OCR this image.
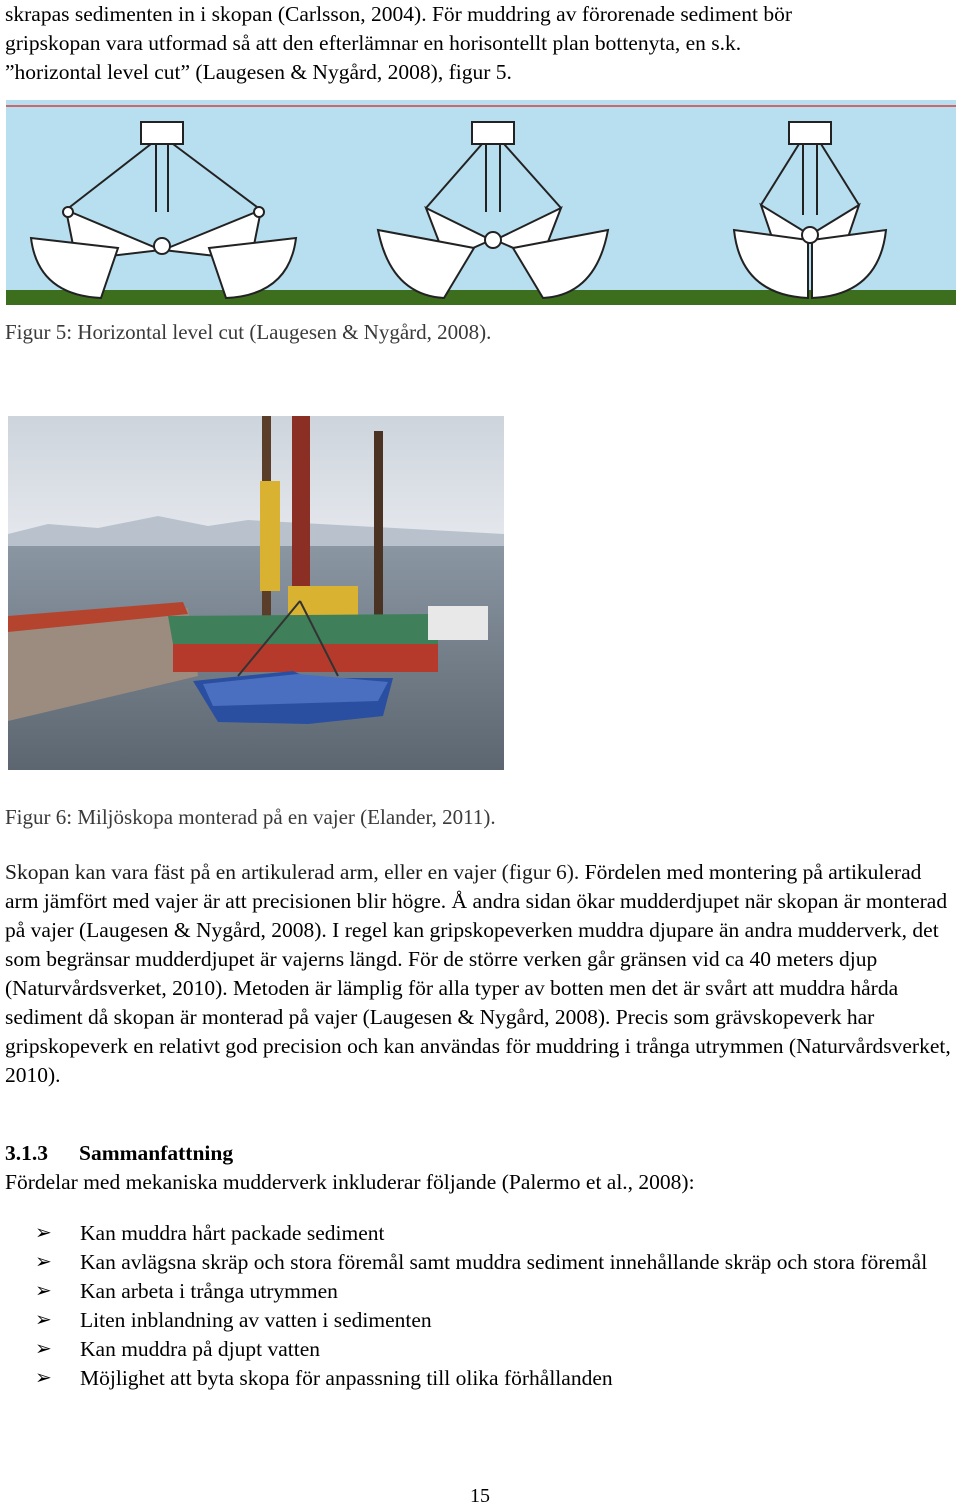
skrapas sedimenten in i skopan (Carlsson, 2004). För muddring av förorenade sediment bör
gripskopan vara utformad så att den efterlämnar en horisontellt plan bottenyta, en s.k.
”horizontal level cut” (Laugesen & Nygård, 2008), figur 5.
Figur 5: Horizontal level cut (Laugesen & Nygård, 2008).
Figur 6: Miljöskopa monterad på en vajer (Elander, 2011).

Skopan kan vara fäst på en artikulerad arm, eller en vajer (figur 6). Fördelen med montering på artikulerad arm jämfört med vajer är att precisionen blir högre. Å andra sidan ökar mudderdjupet när skopan är monterad på vajer (Laugesen & Nygård, 2008). I regel kan gripskopeverken muddra djupare än andra mudderverk, det som begränsar mudderdjupet är vajerns längd. För de större verken går gränsen vid ca 40 meters djup (Naturvårdsverket, 2010). Metoden är lämplig för alla typer av botten men det är svårt att muddra hårda sediment då skopan är monterad på vajer (Laugesen & Nygård, 2008). Precis som grävskopeverk har gripskopeverk en relativt god precision och kan användas för muddring i trånga utrymmen (Naturvårdsverket, 2010).

3.1.3 Sammanfattning
Fördelar med mekaniska mudderverk inkluderar följande (Palermo et al., 2008):
➢ Kan muddra hårt packade sediment
➢ Kan avlägsna skräp och stora föremål samt muddra sediment innehållande skräp och stora föremål
➢ Kan arbeta i trånga utrymmen
➢ Liten inblandning av vatten i sedimenten
➢ Kan muddra på djupt vatten
➢ Möjlighet att byta skopa för anpassning till olika förhållanden
15
